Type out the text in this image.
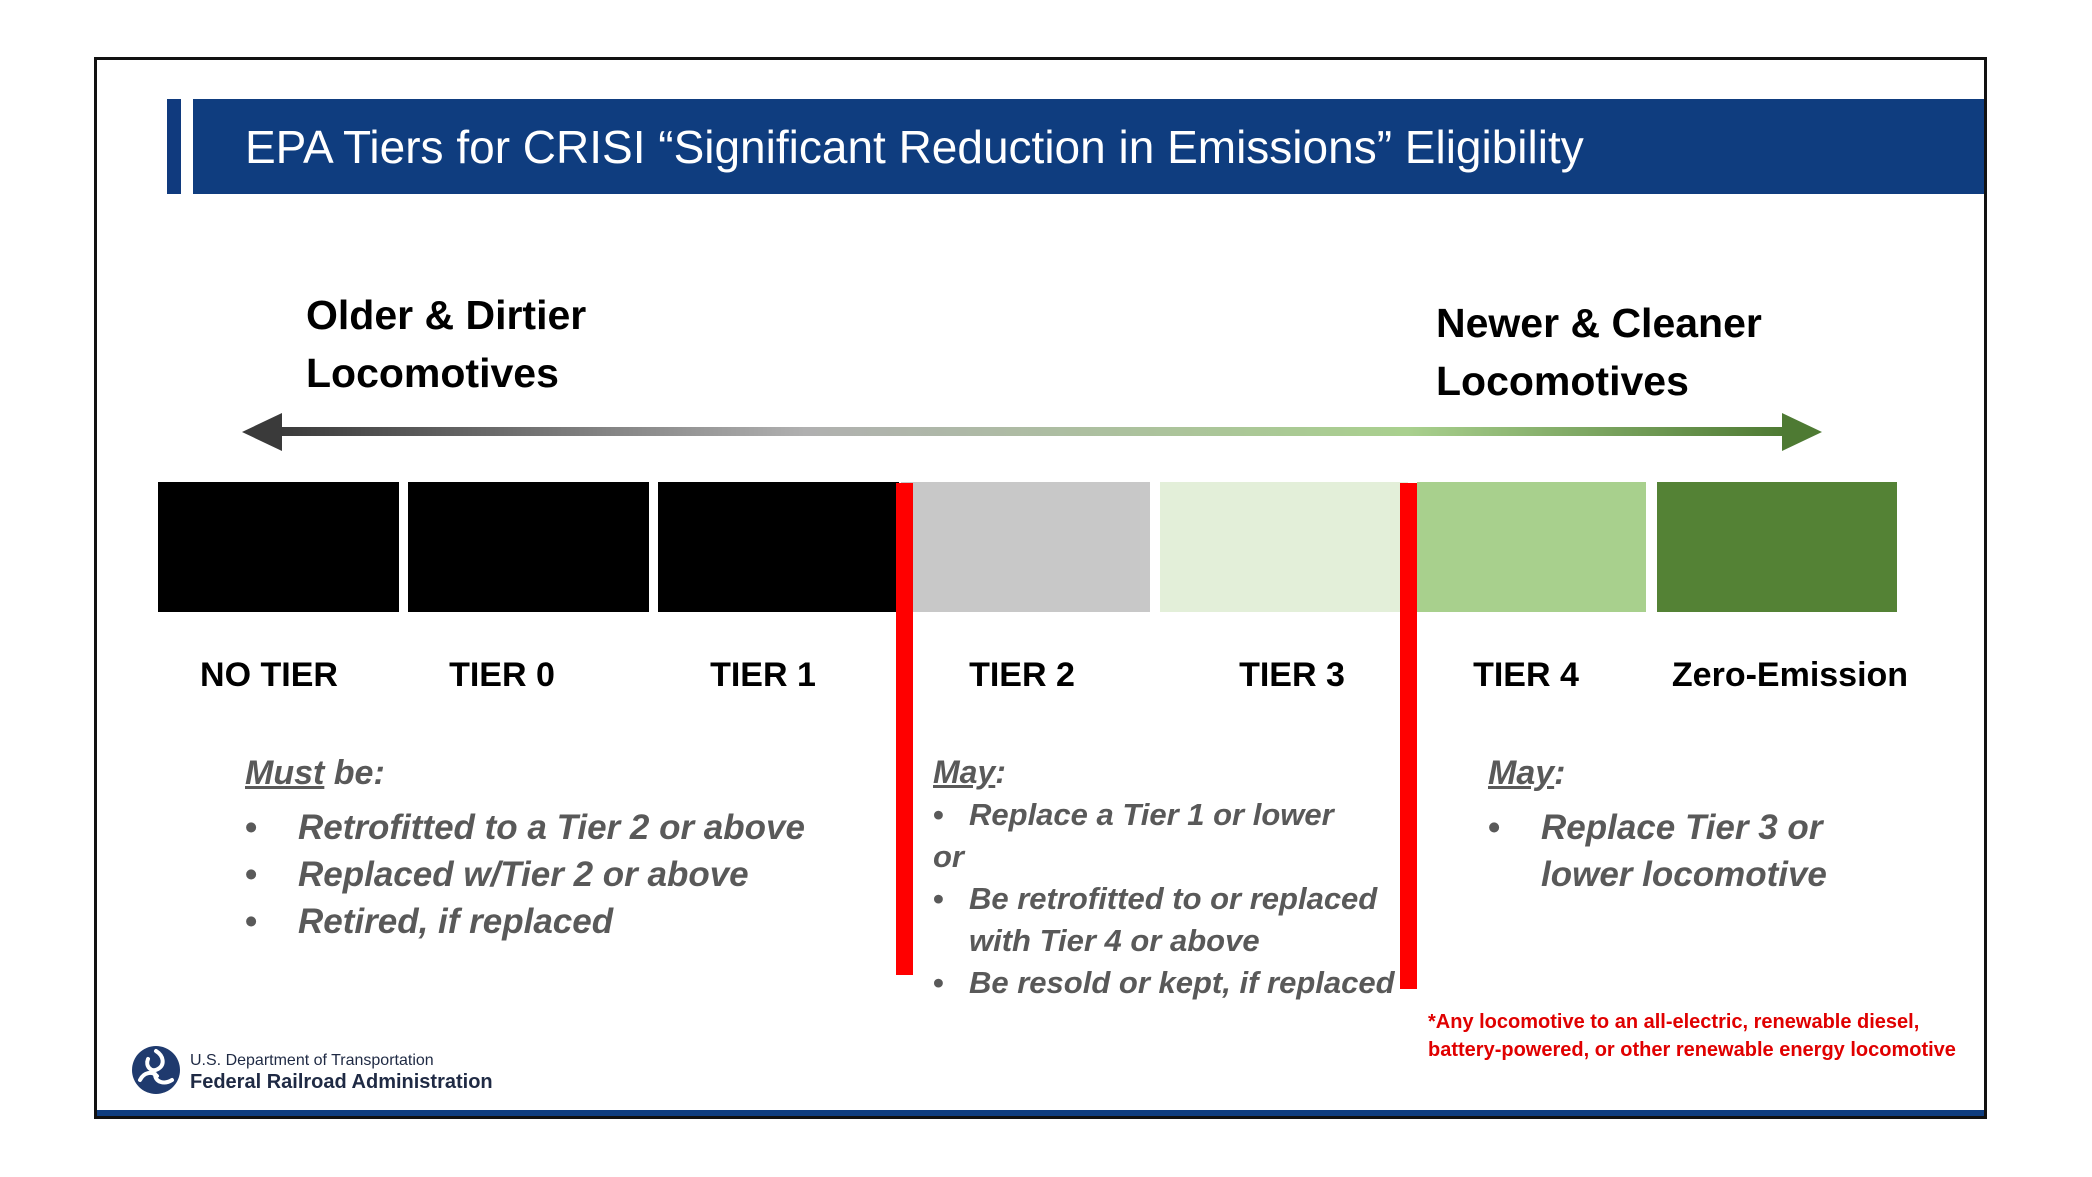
EPA Tiers for CRISI “Significant Reduction in Emissions” Eligibility
Older & Dirtier
Locomotives
Newer & Cleaner
Locomotives
NO TIER	TIER 0	TIER 1	TIER 2	TIER 3	TIER 4	Zero-Emission
Must be:
• Retrofitted to a Tier 2 or above
• Replaced w/Tier 2 or above
• Retired, if replaced
May:
• Replace a Tier 1 or lower
or
• Be retrofitted to or replaced
with Tier 4 or above
• Be resold or kept, if replaced
May:
• Replace Tier 3 or
lower locomotive
*Any locomotive to an all-electric, renewable diesel, battery-powered, or other renewable energy locomotive
U.S. Department of Transportation
Federal Railroad Administration
